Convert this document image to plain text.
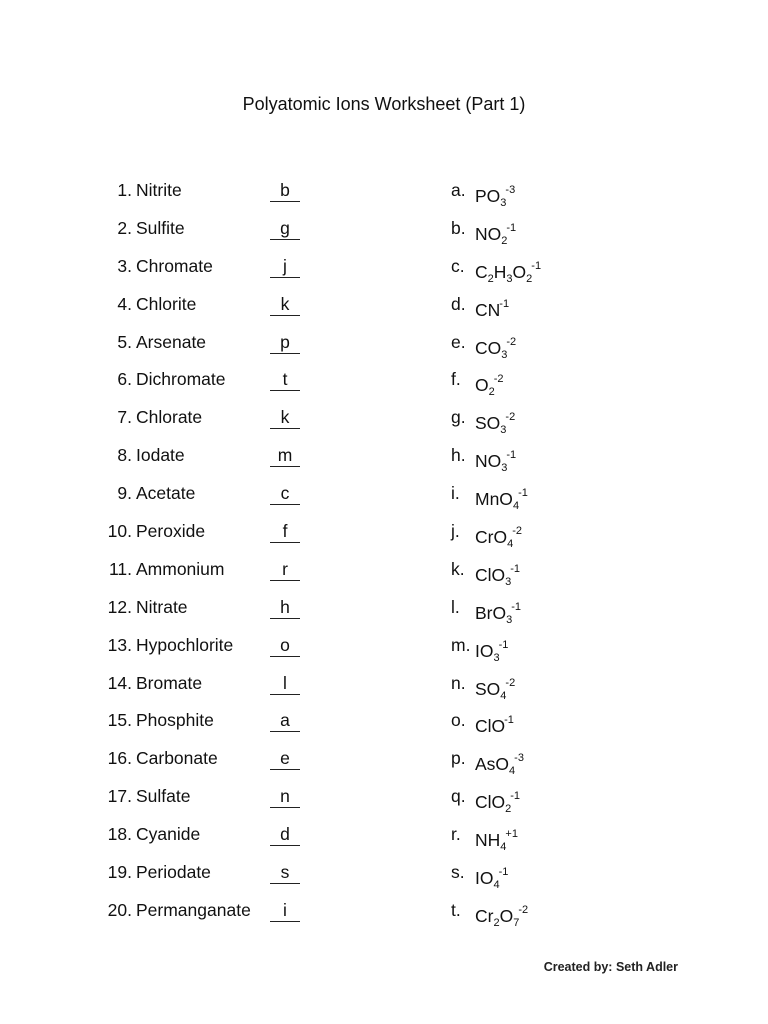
Polyatomic Ions Worksheet (Part 1)
1. Nitrite	b
2. Sulfite	g
3. Chromate	j
4. Chlorite	k
5. Arsenate	p
6. Dichromate	t
7. Chlorate	k
8. Iodate	m
9. Acetate	c
10. Peroxide	f
11. Ammonium	r
12. Nitrate	h
13. Hypochlorite	o
14. Bromate	l
15. Phosphite	a
16. Carbonate	e
17. Sulfate	n
18. Cyanide	d
19. Periodate	s
20. Permanganate	i
a. $PO_3^{-3}$
b. $NO_2^{-1}$
c. $C_2H_3O_2^{-1}$
d. $CN^{-1}$
e. $CO_3^{-2}$
f. $O_2^{-2}$
g. $SO_3^{-2}$
h. $NO_3^{-1}$
i. MnO$_4^{-1}$
j. CrO$_4^{-2}$
k. ClO$_3^{-1}$
l. BrO$_3^{-1}$
m. $IO_3^{-1}$
n. $SO_4^{-2}$
o. ClO$^{-1}$
p. AsO$_4^{-3}$
q. ClO$_2^{-1}$
r. $NH_4^{+1}$
s. $IO_4^{-1}$
t. $Cr_2O_7^{-2}$
Created by: Seth Adler
